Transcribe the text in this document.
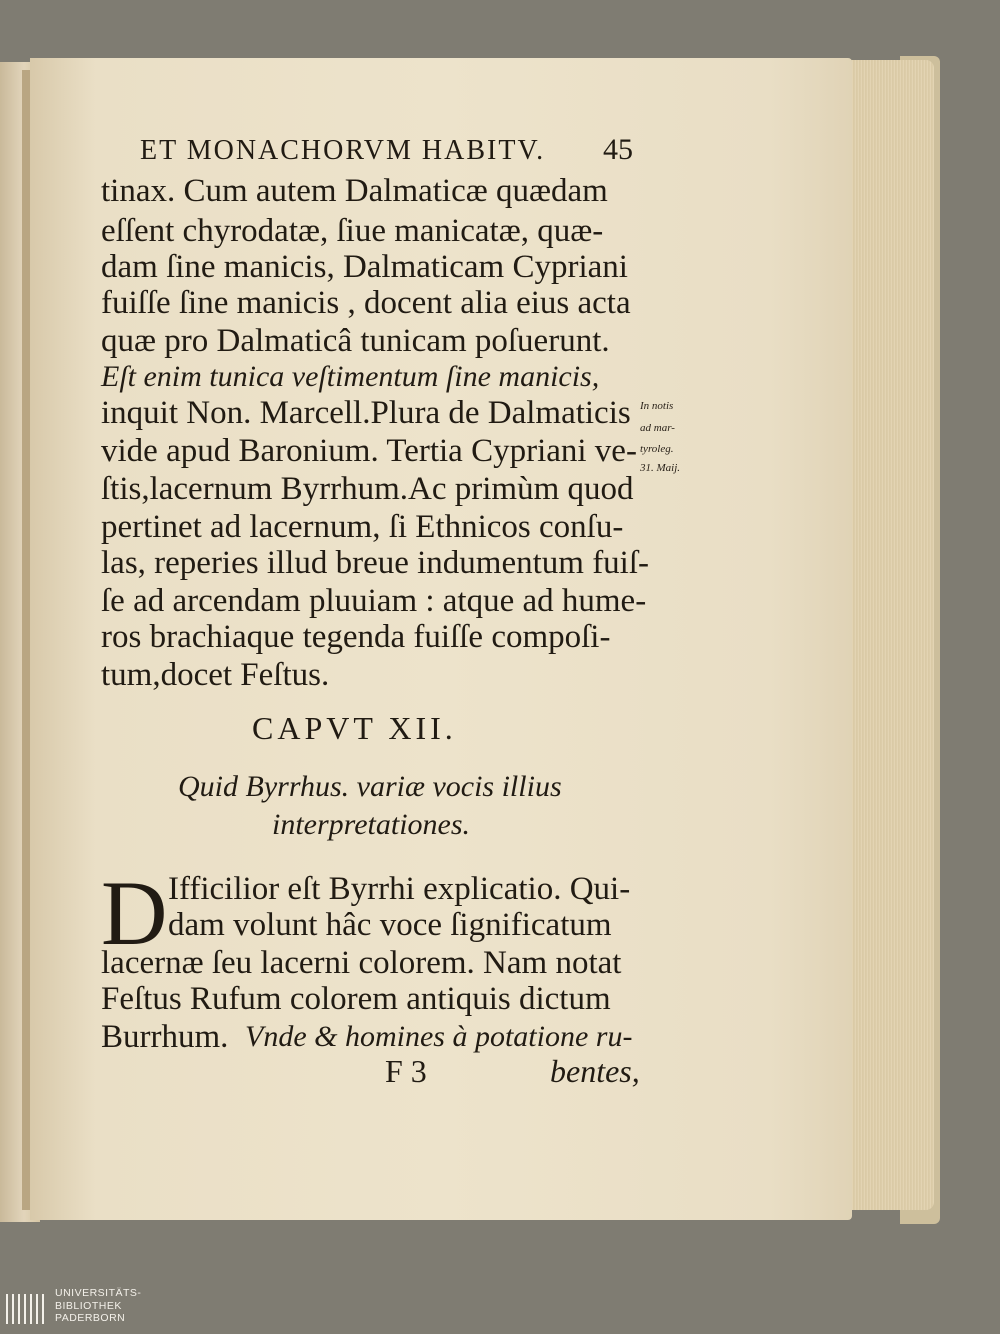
ET MONACHORVM HABITV. 45
tinax. Cum autem Dalmaticæ quædam
eſſent chyrodatæ, ſiue manicatæ, quæ-
dam ſine manicis, Dalmaticam Cypriani
fuiſſe ſine manicis , docent alia eius acta
quæ pro Dalmaticâ tunicam poſuerunt.
Eſt enim tunica veſtimentum ſine manicis,
inquit Non. Marcell.Plura de Dalmaticis
vide apud Baronium. Tertia Cypriani ve-
ſtis,lacernum Byrrhum.Ac primùm quod
pertinet ad lacernum, ſi Ethnicos conſu-
las, reperies illud breue indumentum fuiſ-
ſe ad arcendam pluuiam : atque ad hume-
ros brachiaque tegenda fuiſſe compoſi-
tum,docet Feſtus.
In notis
ad mar-
tyroleg.
31. Maij.
CAPVT XII.
Quid Byrrhus. variæ vocis illius
interpretationes.
D Ifficilior eſt Byrrhi explicatio. Qui-
dam volunt hâc voce ſignificatum
lacernæ ſeu lacerni colorem. Nam notat
Feſtus Rufum colorem antiquis dictum
Burrhum. Vnde & homines à potatione ru-
F 3	bentes,
UNIVERSITÄTS-
BIBLIOTHEK
PADERBORN
